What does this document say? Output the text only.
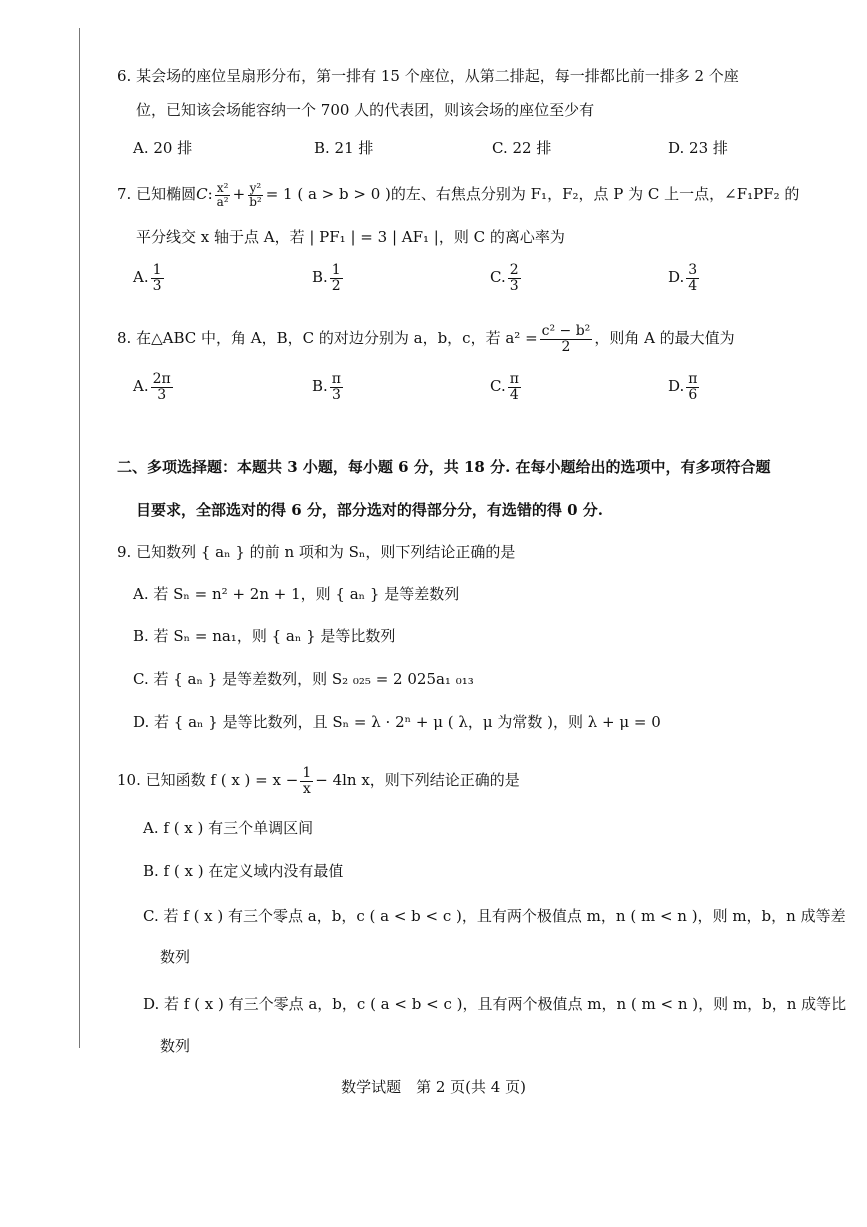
6. 某会场的座位呈扇形分布，第一排有 15 个座位，从第二排起，每一排都比前一排多 2 个座
位，已知该会场能容纳一个 700 人的代表团，则该会场的座位至少有
A. 20 排	B. 21 排	C. 22 排	D. 23 排
7. 已知椭圆C: $\frac{\text{x²}}{\text{a²}} + \frac{\text{y²}}{\text{b²}} = 1$ ( a > b > 0 )的左、右焦点分别为 F₁，F₂，点 P 为 C 上一点，∠F₁PF₂ 的
平分线交 x 轴于点 A，若 | PF₁ | = 3 | AF₁ |，则 C 的离心率为
A. $\frac{1}{3}$	B. $\frac{1}{2}$	C. $\frac{2}{3}$	D. $\frac{3}{4}$
8. 在△ABC 中，角 A，B，C 的对边分别为 a，b，c，若 $a^2 = \frac{\text{c² − b²}}{2}$ ，则角 A 的最大值为
A. $\frac{2\pi}{3}$	B. $\frac{\pi}{3}$	C. $\frac{\pi}{4}$	D. $\frac{\pi}{6}$
二、多项选择题：本题共 3 小题，每小题 6 分，共 18 分. 在每小题给出的选项中，有多项符合题
目要求，全部选对的得 6 分，部分选对的得部分分，有选错的得 0 分.
9. 已知数列 { aₙ } 的前 n 项和为 Sₙ，则下列结论正确的是
A. 若 Sₙ = n² + 2n + 1，则 { aₙ } 是等差数列
B. 若 Sₙ = na₁，则 { aₙ } 是等比数列
C. 若 { aₙ } 是等差数列，则 S₂ ₀₂₅ = 2 025a₁ ₀₁₃
D. 若 { aₙ } 是等比数列，且 Sₙ = λ · 2ⁿ + μ ( λ，μ 为常数 )，则 λ + μ = 0
10. 已知函数 f ( x ) = $x - \frac{1}{x} - 4\ln$ x，则下列结论正确的是
A. f ( x ) 有三个单调区间
B. f ( x ) 在定义域内没有最值
C. 若 f ( x ) 有三个零点 a，b，c ( a < b < c )，且有两个极值点 m，n ( m < n )，则 m，b，n 成等差
数列
D. 若 f ( x ) 有三个零点 a，b，c ( a < b < c )，且有两个极值点 m，n ( m < n )，则 m，b，n 成等比
数列
数学试题　第 2 页(共 4 页)
